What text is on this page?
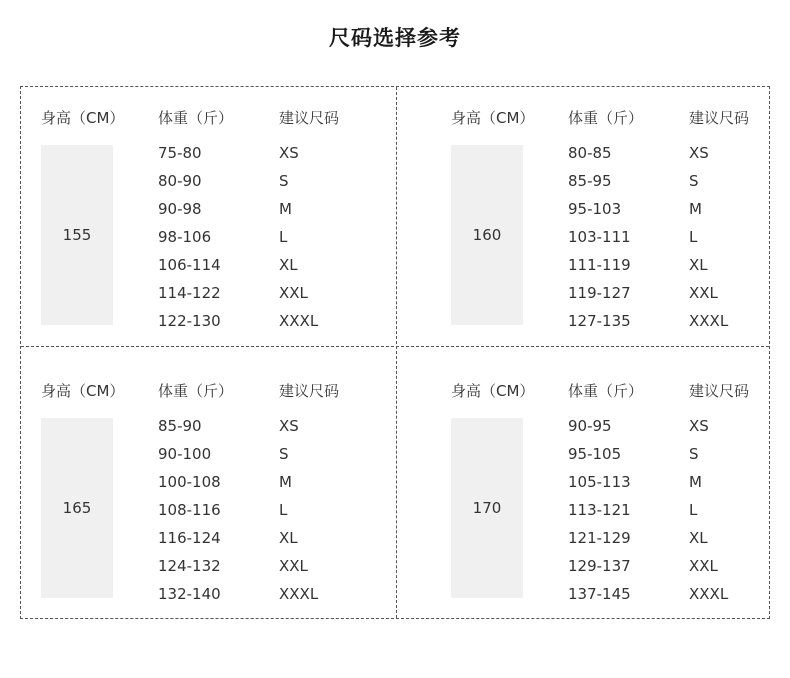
尺码选择参考
身高（CM） 体重（斤）	建议尺码
155
75-80	XS
80-90	S
90-98	M
98-106	L
106-114	XL
114-122	XXL
122-130	XXXL
身高（CM） 体重（斤）	建议尺码
160
80-85	XS
85-95	S
95-103	M
103-111	L
111-119	XL
119-127	XXL
127-135	XXXL
身高（CM） 体重（斤）	建议尺码
165
85-90	XS
90-100	S
100-108	M
108-116	L
116-124	XL
124-132	XXL
132-140	XXXL
身高（CM） 体重（斤）	建议尺码
170
90-95	XS
95-105	S
105-113	M
113-121	L
121-129	XL
129-137	XXL
137-145	XXXL
